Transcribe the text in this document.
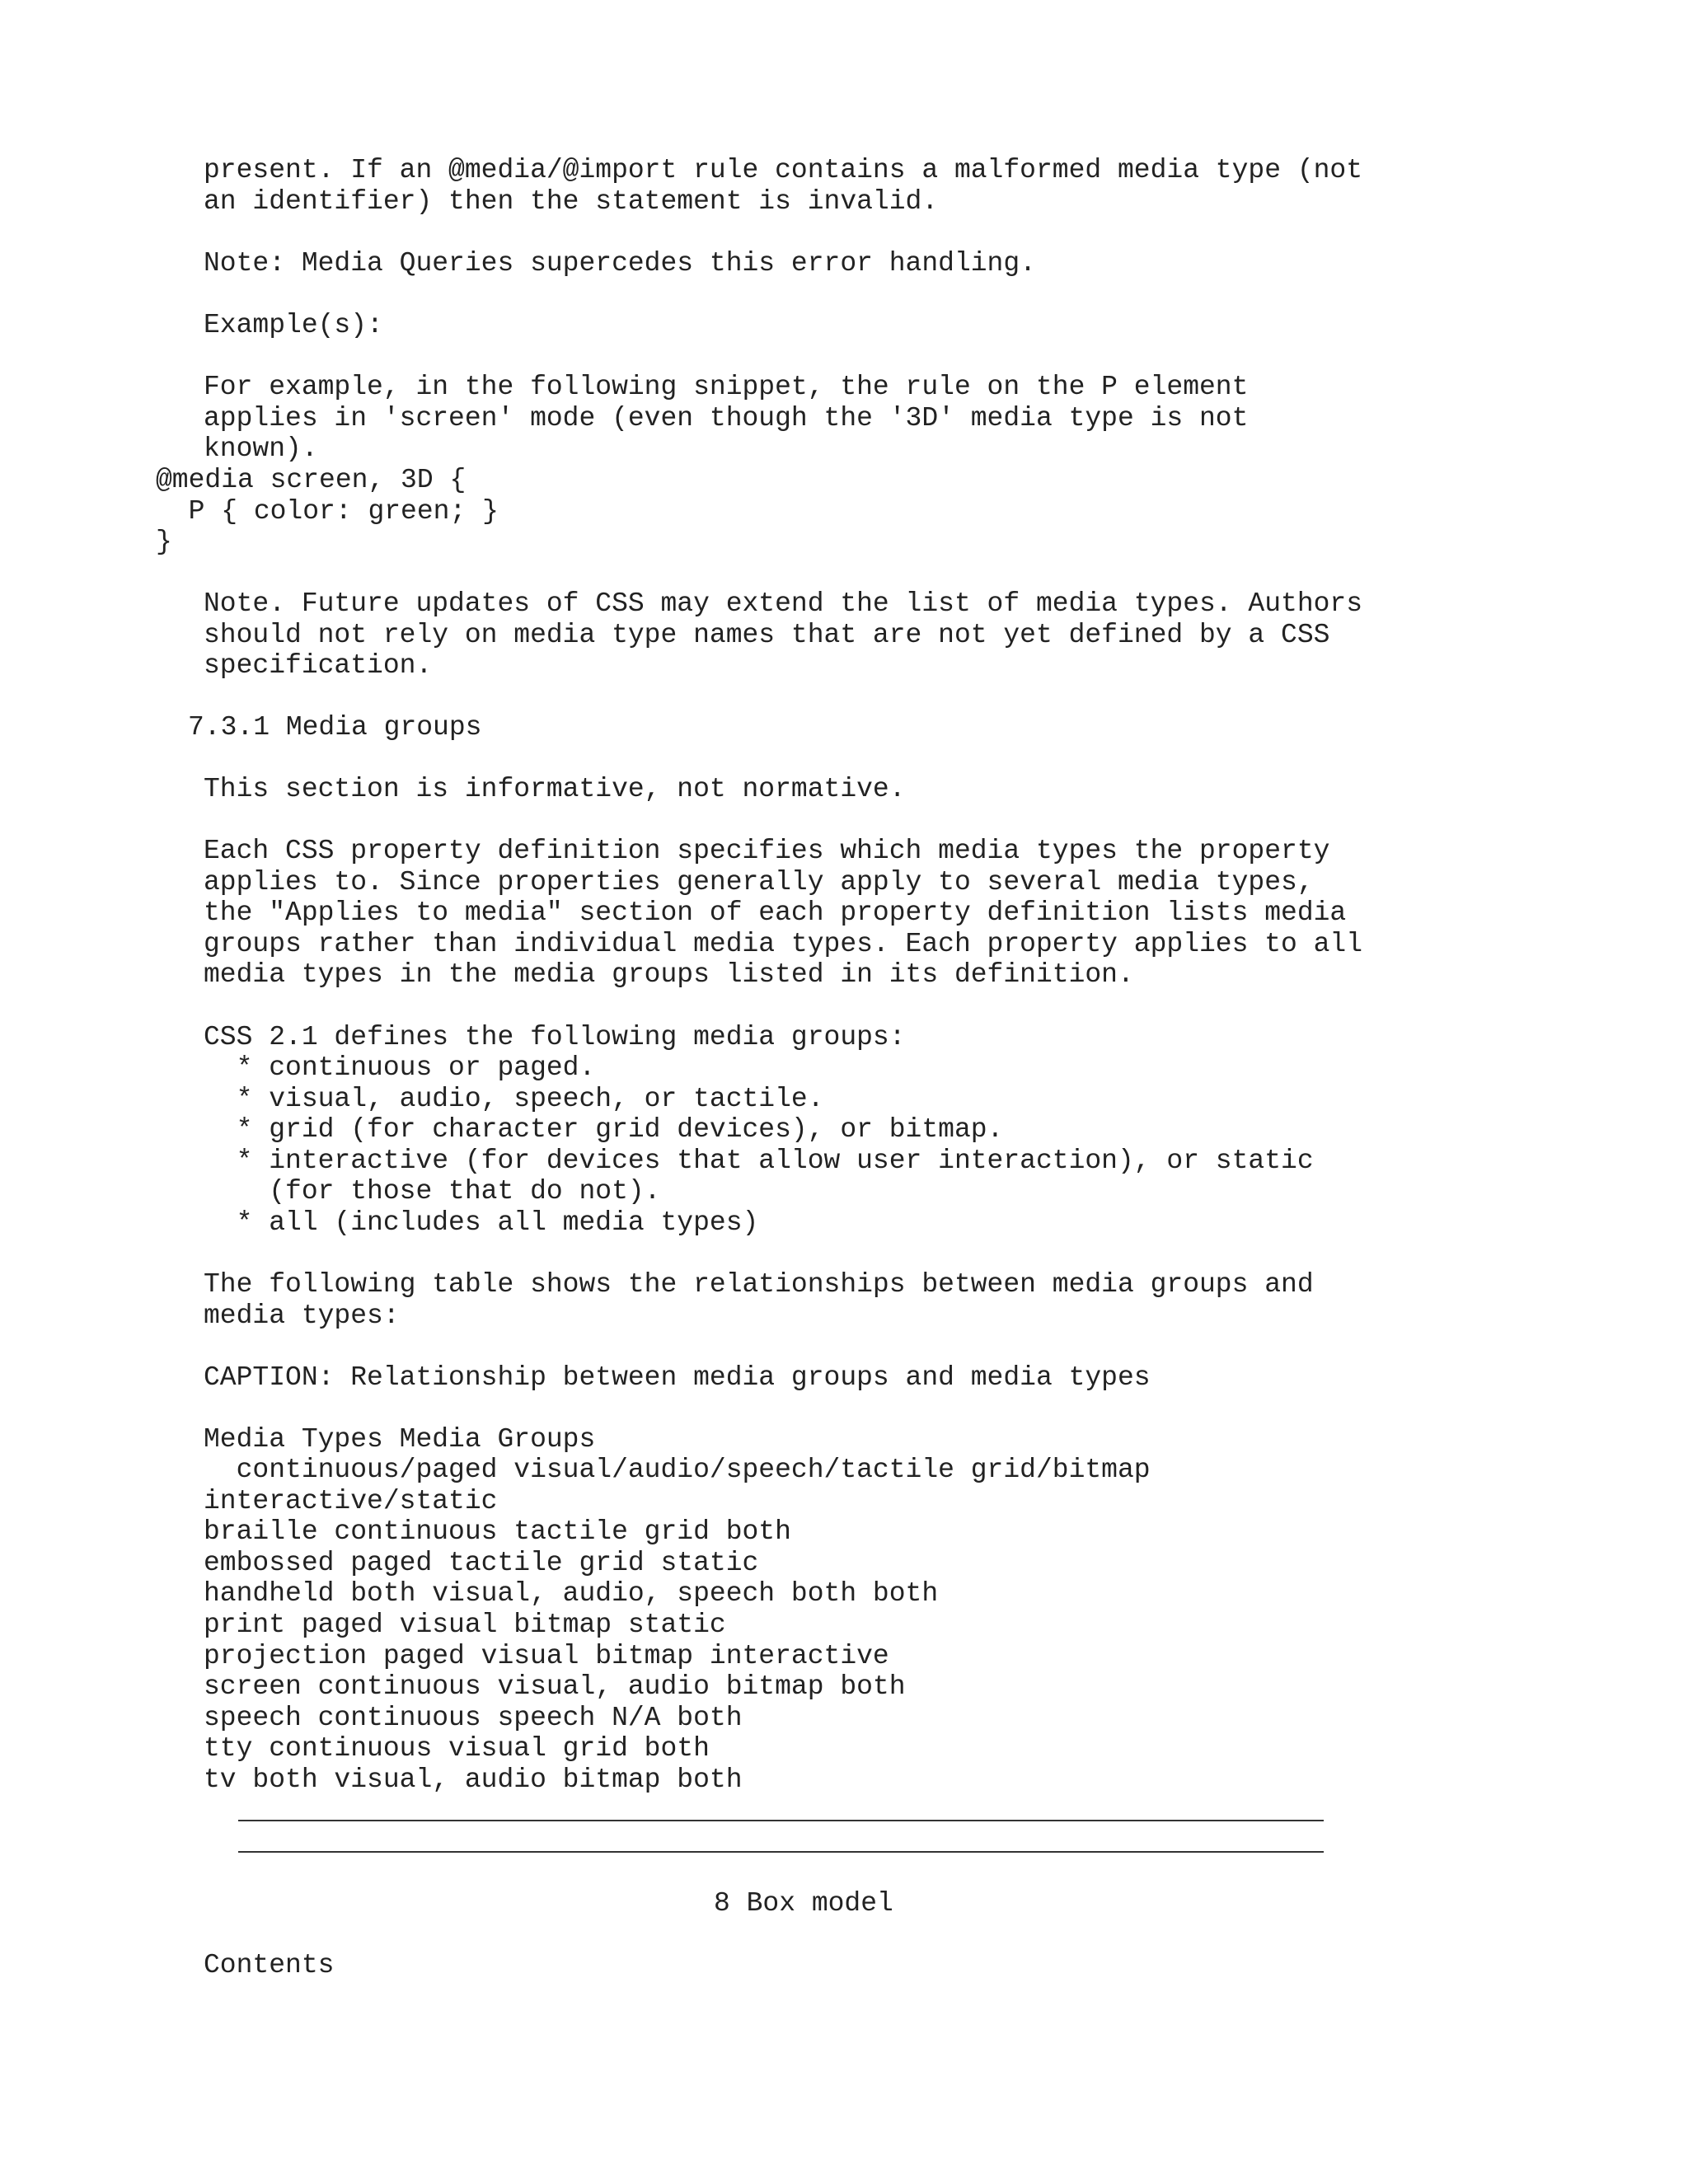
present. If an @media/@import rule contains a malformed media type (not
an identifier) then the statement is invalid.
Note: Media Queries supercedes this error handling.
Example(s):
For example, in the following snippet, the rule on the P element
applies in 'screen' mode (even though the '3D' media type is not
known).
@media screen, 3D {
P { color: green; }
}
Note. Future updates of CSS may extend the list of media types. Authors
should not rely on media type names that are not yet defined by a CSS
specification.
7.3.1 Media groups
This section is informative, not normative.
Each CSS property definition specifies which media types the property
applies to. Since properties generally apply to several media types,
the "Applies to media" section of each property definition lists media
groups rather than individual media types. Each property applies to all
media types in the media groups listed in its definition.
CSS 2.1 defines the following media groups:
* continuous or paged.
* visual, audio, speech, or tactile.
* grid (for character grid devices), or bitmap.
* interactive (for devices that allow user interaction), or static
(for those that do not).
* all (includes all media types)
The following table shows the relationships between media groups and
media types:
CAPTION: Relationship between media groups and media types
Media Types Media Groups
continuous/paged visual/audio/speech/tactile grid/bitmap
interactive/static
braille continuous tactile grid both
embossed paged tactile grid static
handheld both visual, audio, speech both both
print paged visual bitmap static
projection paged visual bitmap interactive
screen continuous visual, audio bitmap both
speech continuous speech N/A both
tty continuous visual grid both
tv both visual, audio bitmap both
8 Box model
Contents
